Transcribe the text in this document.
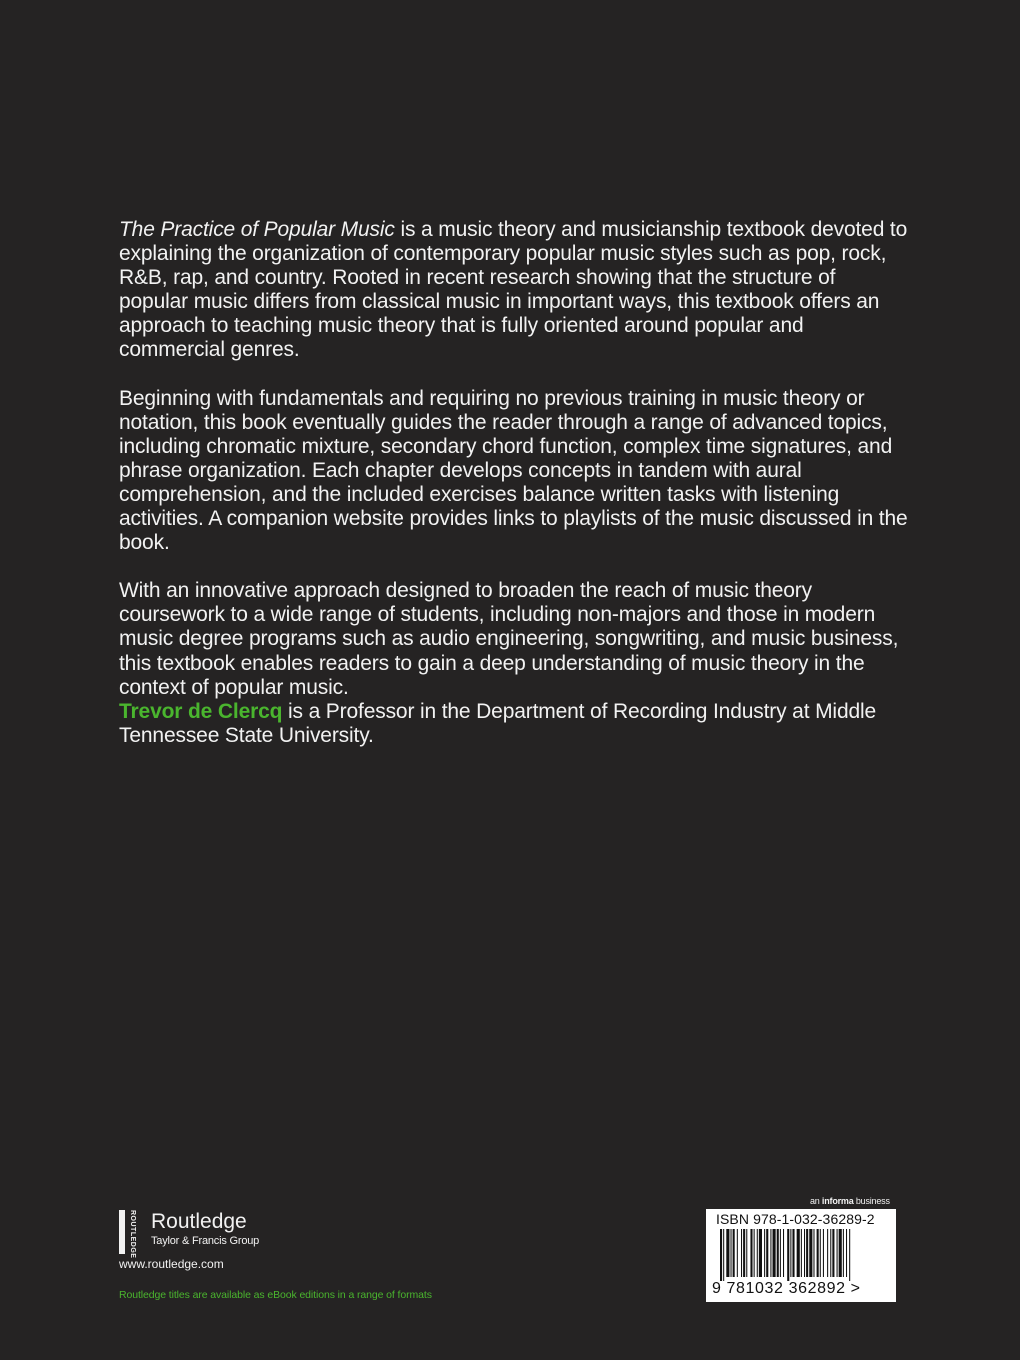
The Practice of Popular Music is a music theory and musicianship textbook devoted to explaining the organization of contemporary popular music styles such as pop, rock, R&B, rap, and country. Rooted in recent research showing that the structure of popular music differs from classical music in important ways, this textbook offers an approach to teaching music theory that is fully oriented around popular and commercial genres.

Beginning with fundamentals and requiring no previous training in music theory or notation, this book eventually guides the reader through a range of advanced topics, including chromatic mixture, secondary chord function, complex time signatures, and phrase organization. Each chapter develops concepts in tandem with aural comprehension, and the included exercises balance written tasks with listening activities. A companion website provides links to playlists of the music discussed in the book.

With an innovative approach designed to broaden the reach of music theory coursework to a wide range of students, including non-majors and those in modern music degree programs such as audio engineering, songwriting, and music business, this textbook enables readers to gain a deep understanding of music theory in the context of popular music.

Trevor de Clercq is a Professor in the Department of Recording Industry at Middle Tennessee State University.
ROUTLEDGE Routledge
Taylor & Francis Group
www.routledge.com
Routledge titles are available as eBook editions in a range of formats
an informa business
ISBN 978-1-032-36289-2
9 781032 362892 >
